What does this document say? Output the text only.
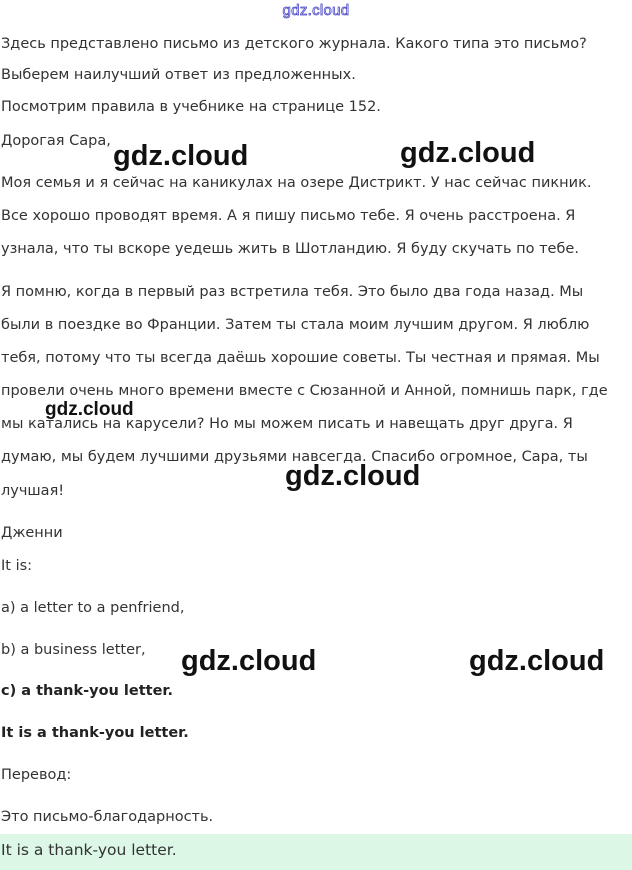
gdz.cloud

Здесь представлено письмо из детского журнала. Какого типа это письмо?

Выберем наилучший ответ из предложенных.

Посмотрим правила в учебнике на странице 152.

Дорогая Сара,

Моя семья и я сейчас на каникулах на озере Дистрикт. У нас сейчас пикник.

Все хорошо проводят время. А я пишу письмо тебе. Я очень расстроена. Я

узнала, что ты вскоре уедешь жить в Шотландию. Я буду скучать по тебе.

Я помню, когда в первый раз встретила тебя. Это было два года назад. Мы

были в поездке во Франции. Затем ты стала моим лучшим другом. Я люблю

тебя, потому что ты всегда даёшь хорошие советы. Ты честная и прямая. Мы

провели очень много времени вместе с Сюзанной и Анной, помнишь парк, где

мы катались на карусели? Но мы можем писать и навещать друг друга. Я

думаю, мы будем лучшими друзьями навсегда. Спасибо огромное, Сара, ты

лучшая!

Дженни

It is:

a) a letter to a penfriend,

b) a business letter,

c) a thank-you letter.

It is a thank-you letter.

Перевод:

Это письмо-благодарность.

It is a thank-you letter.
gdz.cloud	gdz.cloud
gdz.cloud
gdz.cloud
gdz.cloud	gdz.cloud
